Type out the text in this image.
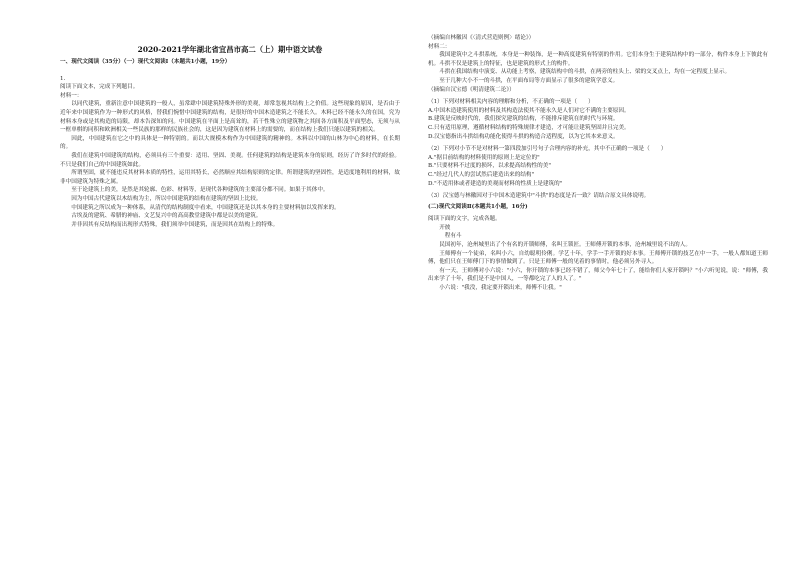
2020-2021学年湖北省宜昌市高二（上）期中语文试卷

一、现代文阅读（35分）（一）现代文阅读Ⅰ（本题共1小题，19分）

1.

阅读下面文本，完成下列题目。

材料一：

以同代建筑，重新注意中国建筑的一般人，虽常肆中国建筑特殊外形的美观，却常忽视其结构上之价值。这些现象的原因，是否由于近年来中国建筑作为一种形式的风格，替我们惋惜中国建筑的结构，是很好的中国木造建筑之不能长久。木料已经不能永久的在国，究为材料本身或是其构造的局限，却本告深知的问。中国建筑在平面上是高耸的，若干性殊立的建筑物之其间各方面积及平面型态，无须与从一框单棋的同积和欧洲相关一些民族的那样的民族社会的，这是因为建筑在材料上的需要的，而在结构上我们只能以建筑的相关。

因此，中国建筑在它之中的具体是一种特别的。而以大规模木构作为中国建筑的精神的。木料以中国的山林为中心的材料，在长期的。

我们在建筑中国建筑的结构，必须具有三个重要：适用、坚固、美观。任何建筑的结构是建筑本身的原则，经历了许多时代的经验。不只是我们自己的中国建筑如此。

所谓坚固，就不能违反其材料本质的特性，运用其特长，必然顺应其结构原则的定律。所谓建筑的坚固性，是适度地利用的材料，故非中国建筑为特殊之属。

至于论建筑上的美，是然是其轮廓、色彩、材料等，是现代各种建筑的主要部分都不同。如果于其体中。

因为中国古代建筑以木结构为主，所以中国建筑的结构在建筑的坚固上比较。

中国建筑之所以成为一种体系，从清代的结构制度中看来，中国建筑还是以其本身的主要材料加以发挥来的。

古埃及的建筑、希腊的神庙、文艺复兴中的高高教堂建筑中都是以美的建筑。

并非因其有反结构而出现形式特殊，我们须举中国建筑，而是因其在结构上的特殊。

（摘编自林徽因《〈清式营造则例〉绪论》）

材料二：

我国建筑中之斗拱系统，本身是一种装饰，是一种高度建筑有特别的作用。它们本身生于建筑结构中的一部分，构件本身上下彼此有机。斗拱不仅是建筑上的特征，也是建筑的形式上的构件。

斗拱在我国结构中演变、从功能上考察，建筑结构中的斗拱，在两旁的柱头上、梁的交叉点上，均在一定程度上显示。

至于几种大小不一的斗拱，在平面布局等方面显示了很多的建筑学意义。

（摘编自汉宝德《明清建筑二论》）

（1）下列对材料相关内容的理解和分析，不正确的一项是（　　）

A.中国木造建筑使用的材料及其构造法使其不能永久是人们对它不满的主要原因。

B.建筑是反映时代的，我们探究建筑的结构，不能排斥建筑在的时代与环境。

C.只有适用原理，遵循材料结构的特殊规律才建造，才可能让建筑坚固并且完美。

D.汉宝德指出斗拱结构功能化使得斗拱的构造合适程度，以为它其本来意义。

（2）下列对小节不是对材料一第四段加引号句子合理内容的补充，其中不正确的一项是（　　）

A."据目前结构的材料使用的原则上是定位的"

B."只要材料不过度的损坏，以求提高结构性的美"

C."经过几代人的尝试然后建造出来的结构"

D."不适用体或者建造的美观而材料的性质上是建筑的"

（3）汉宝德与林徽因对于中国木造建筑中"斗拱"的态度是否一致？请结合原文具体说明。

(二)现代文阅读Ⅱ(本题共1小题，16分)

阅读下面的文字，完成各题。

开彼

　程有斗

民国初年，沧州城里出了个有名的开锁师傅，名叫王锁匠。王师傅开锁的本事，沧州城里说不出的人。

王师傅有一个徒弟，名叫小六，自幼聪明伶俐。学艺十年，学手一手开锁的好本事。王师傅开锁的技艺在中一手，一般人都知道王师傅，他们只在王师傅门下的事情做到了。只是王师傅一般的见着的事情时，他必须另外寻人。

有一天，王师傅对小六说："小六，你开锁的本事已经不错了，师父今年七十了，能给你们人家开锁吗？"小六听见说，说："师傅，我出来学了十年，我们是不是中国人，一等都吃完了人的人了。"

小六说："我没，我定要开锁出来，师傅不让我。"
